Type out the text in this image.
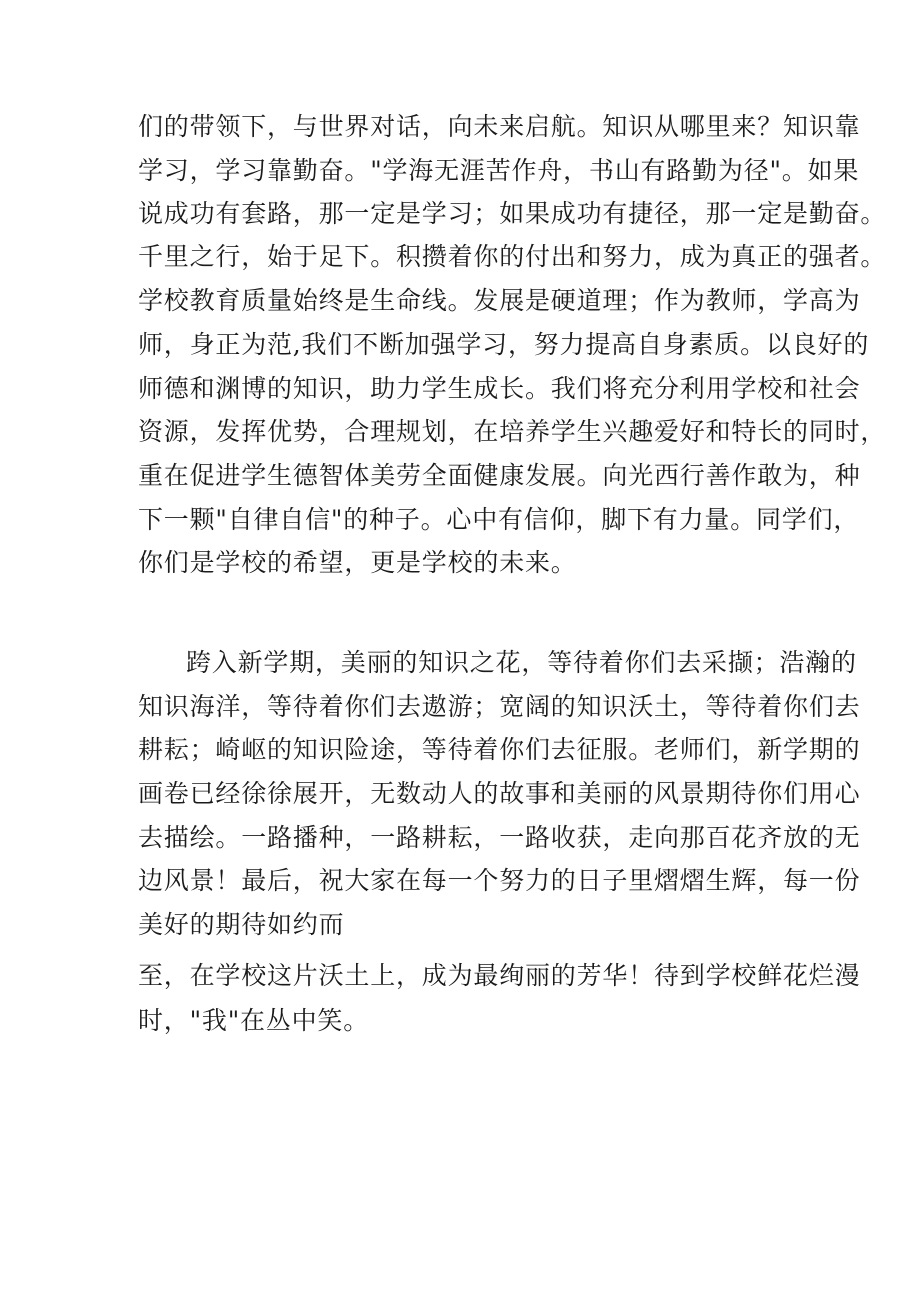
们的带领下，与世界对话，向未来启航。知识从哪里来？知识靠
学习，学习靠勤奋。"学海无涯苦作舟，书山有路勤为径"。如果
说成功有套路，那一定是学习；如果成功有捷径，那一定是勤奋。
千里之行，始于足下。积攒着你的付出和努力，成为真正的强者。
学校教育质量始终是生命线。发展是硬道理；作为教师，学高为
师，身正为范,我们不断加强学习，努力提高自身素质。以良好的
师德和渊博的知识，助力学生成长。我们将充分利用学校和社会
资源，发挥优势，合理规划，在培养学生兴趣爱好和特长的同时，
重在促进学生德智体美劳全面健康发展。向光西行善作敢为，种
下一颗"自律自信"的种子。心中有信仰，脚下有力量。同学们，
你们是学校的希望，更是学校的未来。
跨入新学期，美丽的知识之花，等待着你们去采撷；浩瀚的
知识海洋，等待着你们去遨游；宽阔的知识沃土，等待着你们去
耕耘；崎岖的知识险途，等待着你们去征服。老师们，新学期的
画卷已经徐徐展开，无数动人的故事和美丽的风景期待你们用心
去描绘。一路播种，一路耕耘，一路收获，走向那百花齐放的无
边风景！最后，祝大家在每一个努力的日子里熠熠生辉，每一份
美好的期待如约而
至，在学校这片沃土上，成为最绚丽的芳华！待到学校鲜花烂漫
时，"我"在丛中笑。
